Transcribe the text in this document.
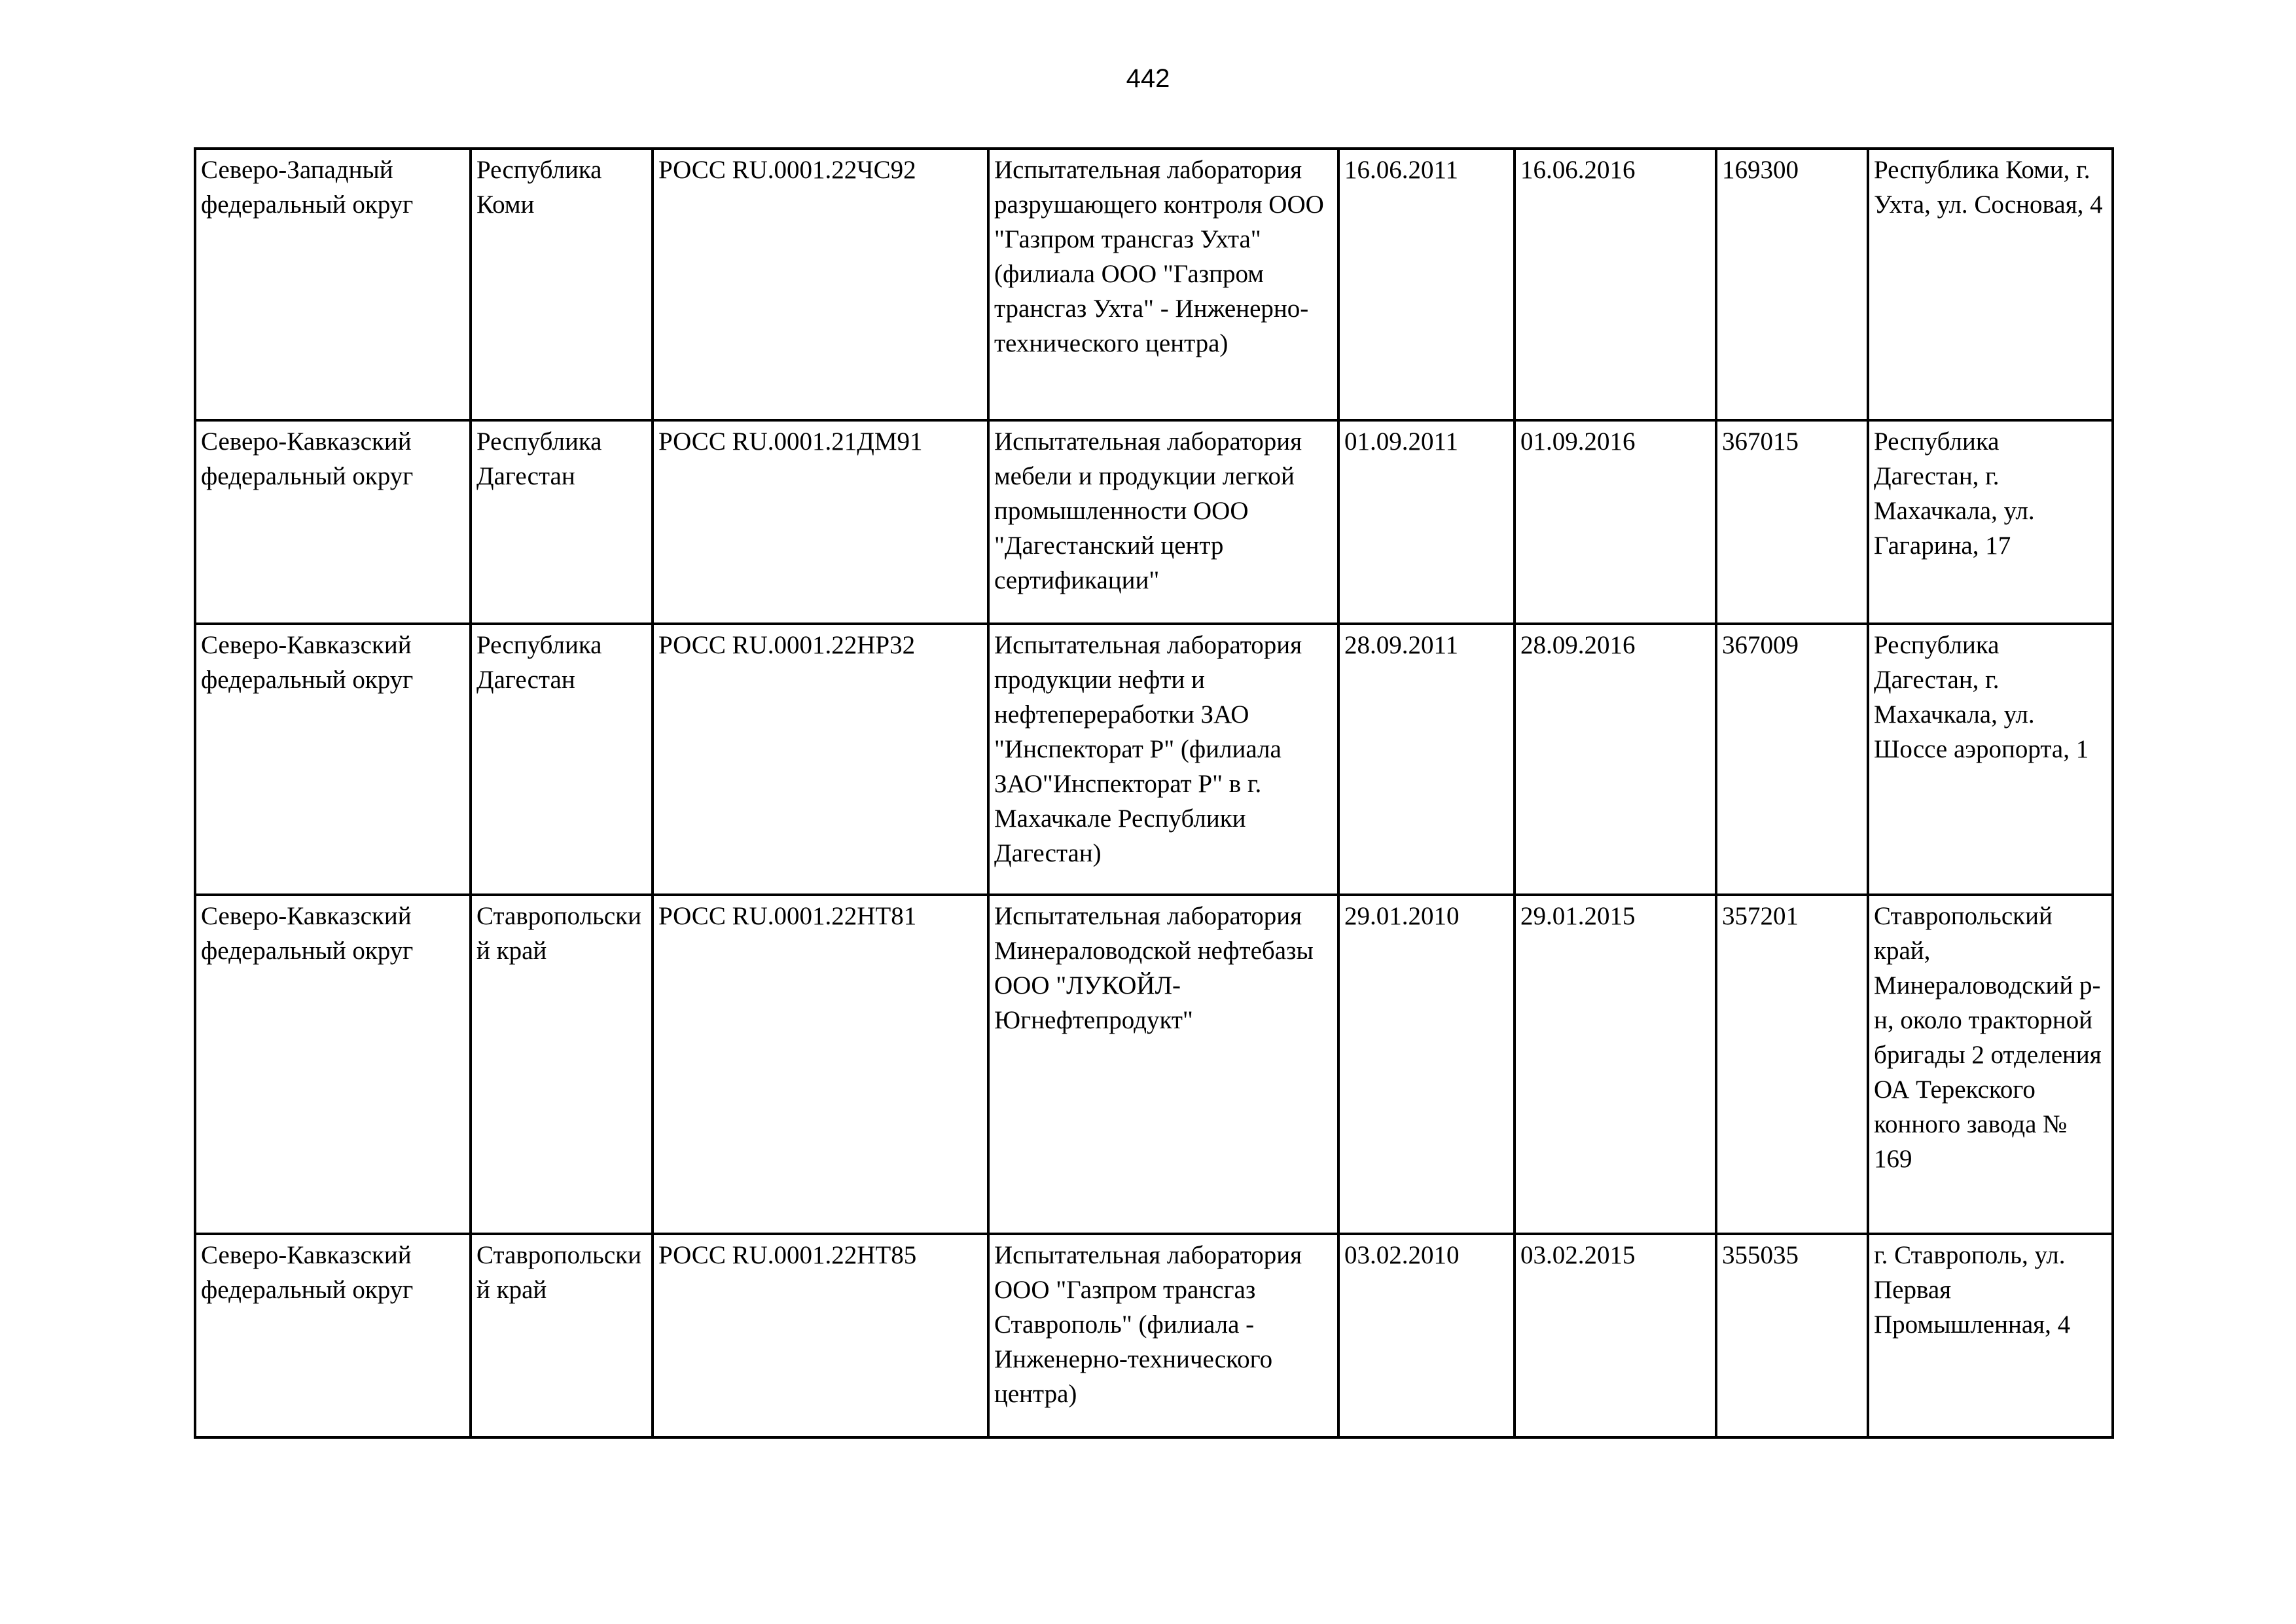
442
Северо-Западный федеральный округ	Республика Коми	РОСС RU.0001.22ЧС92	Испытательная лаборатория разрушающего контроля ООО "Газпром трансгаз Ухта" (филиала ООО "Газпром трансгаз Ухта" - Инженерно-технического центра)	16.06.2011	16.06.2016	169300	Республика Коми, г. Ухта, ул. Сосновая, 4
Северо-Кавказский федеральный округ	Республика Дагестан	РОСС RU.0001.21ДМ91	Испытательная лаборатория мебели и продукции легкой промышленности ООО "Дагестанский центр сертификации"	01.09.2011	01.09.2016	367015	Республика Дагестан, г. Махачкала, ул. Гагарина, 17
Северо-Кавказский федеральный округ	Республика Дагестан	РОСС RU.0001.22НР32	Испытательная лаборатория продукции нефти и нефтепереработки ЗАО "Инспекторат Р" (филиала ЗАО"Инспекторат Р" в г. Махачкале Республики Дагестан)	28.09.2011	28.09.2016	367009	Республика Дагестан, г. Махачкала, ул. Шоссе аэропорта, 1
Северо-Кавказский федеральный округ	Ставропольский край	РОСС RU.0001.22НТ81	Испытательная лаборатория Минераловодской нефтебазы ООО "ЛУКОЙЛ-Югнефтепродукт"	29.01.2010	29.01.2015	357201	Ставропольский край, Минераловодский р-н, около тракторной бригады 2 отделения ОА Терекского конного завода № 169
Северо-Кавказский федеральный округ	Ставропольский край	РОСС RU.0001.22НТ85	Испытательная лаборатория ООО "Газпром трансгаз Ставрополь" (филиала - Инженерно-технического центра)	03.02.2010	03.02.2015	355035	г. Ставрополь, ул. Первая Промышленная, 4
